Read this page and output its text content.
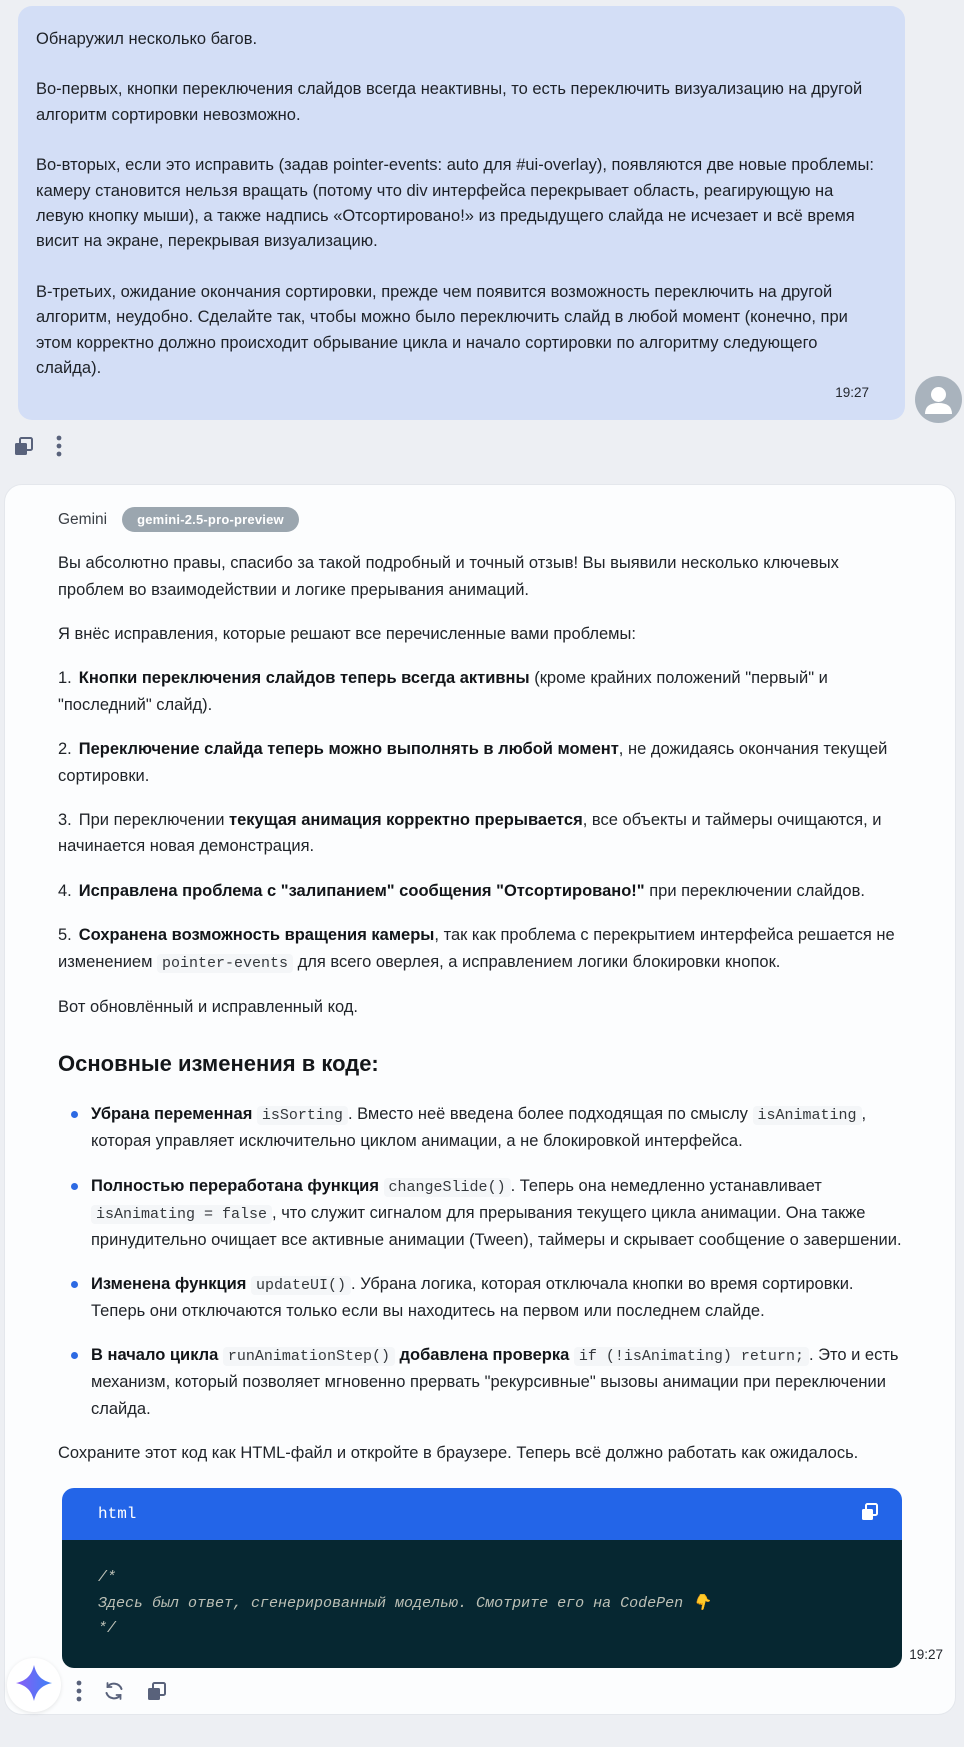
Обнаружил несколько багов.

Во-первых, кнопки переключения слайдов всегда неактивны, то есть переключить визуализацию на другой алгоритм сортировки невозможно.

Во-вторых, если это исправить (задав pointer-events: auto для #ui-overlay), появляются две новые проблемы: камеру становится нельзя вращать (потому что div интерфейса перекрывает область, реагирующую на левую кнопку мыши), а также надпись «Отсортировано!» из предыдущего слайда не исчезает и всё время висит на экране, перекрывая визуализацию.

В-третьих, ожидание окончания сортировки, прежде чем появится возможность переключить на другой алгоритм, неудобно. Сделайте так, чтобы можно было переключить слайд в любой момент (конечно, при этом корректно должно происходит обрывание цикла и начало сортировки по алгоритму следующего слайда).

19:27
Gemini	gemini-2.5-pro-preview

Вы абсолютно правы, спасибо за такой подробный и точный отзыв! Вы выявили несколько ключевых проблем во взаимодействии и логике прерывания анимаций.

Я внёс исправления, которые решают все перечисленные вами проблемы:

1. Кнопки переключения слайдов теперь всегда активны (кроме крайних положений "первый" и "последний" слайд).
2. Переключение слайда теперь можно выполнять в любой момент, не дожидаясь окончания текущей сортировки.
3. При переключении текущая анимация корректно прерывается, все объекты и таймеры очищаются, и начинается новая демонстрация.
4. Исправлена проблема с "залипанием" сообщения "Отсортировано!" при переключении слайдов.
5. Сохранена возможность вращения камеры, так как проблема с перекрытием интерфейса решается не изменением pointer-events для всего оверлея, а исправлением логики блокировки кнопок.

Вот обновлённый и исправленный код.

Основные изменения в коде:
Убрана переменная isSorting . Вместо неё введена более подходящая по смыслу isAnimating , которая управляет исключительно циклом анимации, а не блокировкой интерфейса.
Полностью переработана функция changeSlide() . Теперь она немедленно устанавливает isAnimating = false , что служит сигналом для прерывания текущего цикла анимации. Она также принудительно очищает все активные анимации (Tween), таймеры и скрывает сообщение о завершении.
Изменена функция updateUI() . Убрана логика, которая отключала кнопки во время сортировки. Теперь они отключаются только если вы находитесь на первом или последнем слайде.
В начало цикла runAnimationStep() добавлена проверка if (!isAnimating) return; . Это и есть механизм, который позволяет мгновенно прервать "рекурсивные" вызовы анимации при переключении слайда.

Сохраните этот код как HTML-файл и откройте в браузере. Теперь всё должно работать как ожидалось.

html
/*
Здесь был ответ, сгенерированный моделью. Смотрите его на CodePen 👇
*/
19:27
